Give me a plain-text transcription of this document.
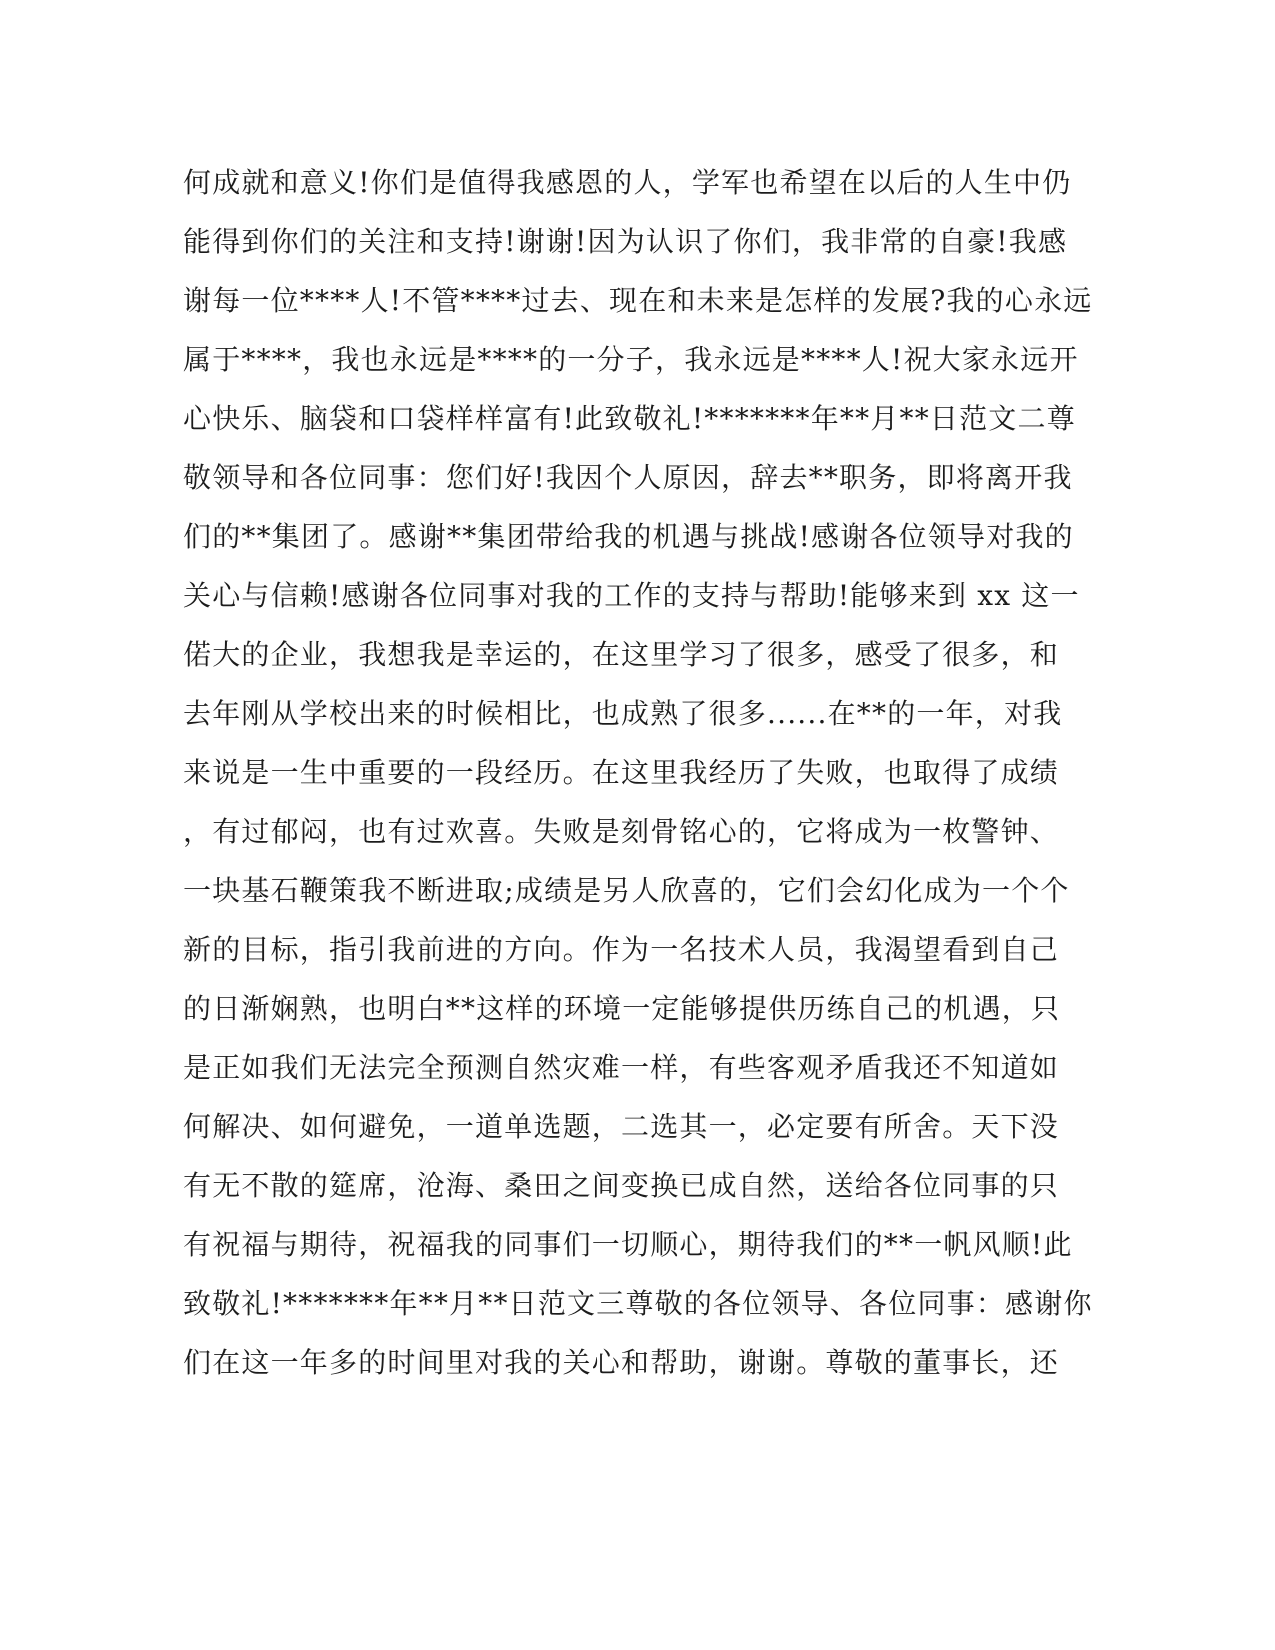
何成就和意义!你们是值得我感恩的人，学军也希望在以后的人生中仍
能得到你们的关注和支持!谢谢!因为认识了你们，我非常的自豪!我感
谢每一位****人!不管****过去、现在和未来是怎样的发展?我的心永远
属于****，我也永远是****的一分子，我永远是****人!祝大家永远开
心快乐、脑袋和口袋样样富有!此致敬礼!*******年**月**日范文二尊
敬领导和各位同事：您们好!我因个人原因，辞去**职务，即将离开我
们的**集团了。感谢**集团带给我的机遇与挑战!感谢各位领导对我的
关心与信赖!感谢各位同事对我的工作的支持与帮助!能够来到 xx 这一
偌大的企业，我想我是幸运的，在这里学习了很多，感受了很多，和
去年刚从学校出来的时候相比，也成熟了很多......在**的一年，对我
来说是一生中重要的一段经历。在这里我经历了失败，也取得了成绩
，有过郁闷，也有过欢喜。失败是刻骨铭心的，它将成为一枚警钟、
一块基石鞭策我不断进取;成绩是另人欣喜的，它们会幻化成为一个个
新的目标，指引我前进的方向。作为一名技术人员，我渴望看到自己
的日渐娴熟，也明白**这样的环境一定能够提供历练自己的机遇，只
是正如我们无法完全预测自然灾难一样，有些客观矛盾我还不知道如
何解决、如何避免，一道单选题，二选其一，必定要有所舍。天下没
有无不散的筵席，沧海、桑田之间变换已成自然，送给各位同事的只
有祝福与期待，祝福我的同事们一切顺心，期待我们的**一帆风顺!此
致敬礼!*******年**月**日范文三尊敬的各位领导、各位同事：感谢你
们在这一年多的时间里对我的关心和帮助，谢谢。尊敬的董事长，还
